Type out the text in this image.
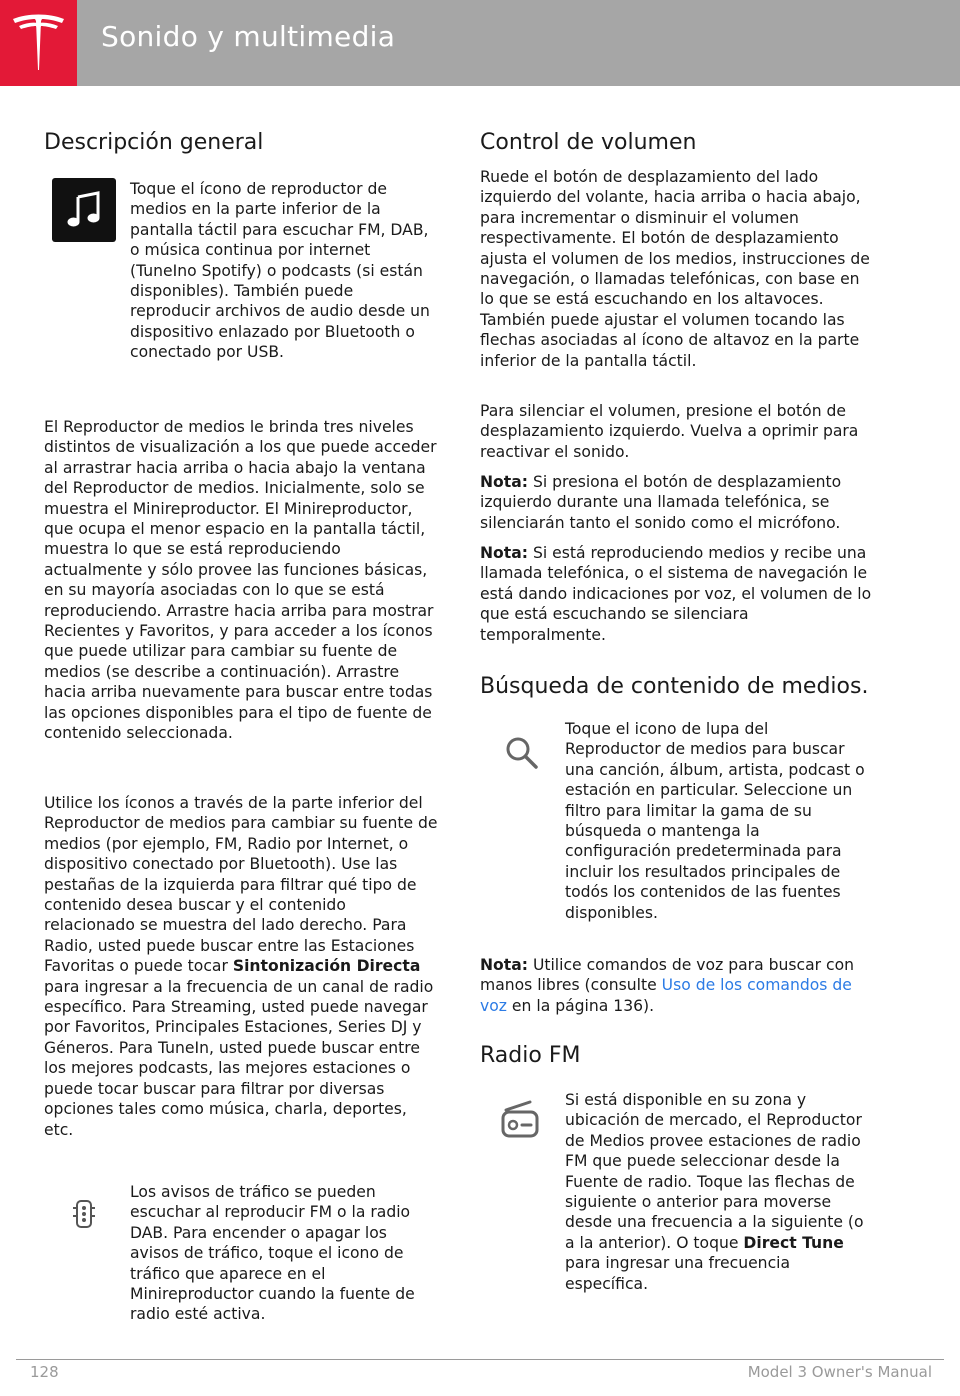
Sonido y multimedia
Descripción general

Toque el ícono de reproductor de medios en la parte inferior de la pantalla táctil para escuchar FM, DAB, o música continua por internet (TuneIno Spotify) o podcasts (si están disponibles). También puede reproducir archivos de audio desde un dispositivo enlazado por Bluetooth o conectado por USB.

El Reproductor de medios le brinda tres niveles distintos de visualización a los que puede acceder al arrastrar hacia arriba o hacia abajo la ventana del Reproductor de medios. Inicialmente, solo se muestra el Minireproductor. El Minireproductor, que ocupa el menor espacio en la pantalla táctil, muestra lo que se está reproduciendo actualmente y sólo provee las funciones básicas, en su mayoría asociadas con lo que se está reproduciendo. Arrastre hacia arriba para mostrar Recientes y Favoritos, y para acceder a los íconos que puede utilizar para cambiar su fuente de medios (se describe a continuación). Arrastre hacia arriba nuevamente para buscar entre todas las opciones disponibles para el tipo de fuente de contenido seleccionada.

Utilice los íconos a través de la parte inferior del Reproductor de medios para cambiar su fuente de medios (por ejemplo, FM, Radio por Internet, o dispositivo conectado por Bluetooth). Use las pestañas de la izquierda para filtrar qué tipo de contenido desea buscar y el contenido relacionado se muestra del lado derecho. Para Radio, usted puede buscar entre las Estaciones Favoritas o puede tocar Sintonización Directa para ingresar a la frecuencia de un canal de radio específico. Para Streaming, usted puede navegar por Favoritos, Principales Estaciones, Series DJ y Géneros. Para TuneIn, usted puede buscar entre los mejores podcasts, las mejores estaciones o puede tocar buscar para filtrar por diversas opciones tales como música, charla, deportes, etc.

Los avisos de tráfico se pueden escuchar al reproducir FM o la radio DAB. Para encender o apagar los avisos de tráfico, toque el icono de tráfico que aparece en el Minireproductor cuando la fuente de radio esté activa.

Control de volumen

Ruede el botón de desplazamiento del lado izquierdo del volante, hacia arriba o hacia abajo, para incrementar o disminuir el volumen respectivamente. El botón de desplazamiento ajusta el volumen de los medios, instrucciones de navegación, o llamadas telefónicas, con base en lo que se está escuchando en los altavoces. También puede ajustar el volumen tocando las flechas asociadas al ícono de altavoz en la parte inferior de la pantalla táctil.

Para silenciar el volumen, presione el botón de desplazamiento izquierdo. Vuelva a oprimir para reactivar el sonido.

Nota: Si presiona el botón de desplazamiento izquierdo durante una llamada telefónica, se silenciarán tanto el sonido como el micrófono.

Nota: Si está reproduciendo medios y recibe una llamada telefónica, o el sistema de navegación le está dando indicaciones por voz, el volumen de lo que está escuchando se silenciara temporalmente.

Búsqueda de contenido de medios.

Toque el icono de lupa del Reproductor de medios para buscar una canción, álbum, artista, podcast o estación en particular. Seleccione un filtro para limitar la gama de su búsqueda o mantenga la configuración predeterminada para incluir los resultados principales de todós los contenidos de las fuentes disponibles.

Nota: Utilice comandos de voz para buscar con manos libres (consulte Uso de los comandos de voz en la página 136).

Radio FM

Si está disponible en su zona y ubicación de mercado, el Reproductor de Medios provee estaciones de radio FM que puede seleccionar desde la Fuente de radio. Toque las flechas de siguiente o anterior para moverse desde una frecuencia a la siguiente (o a la anterior). O toque Direct Tune para ingresar una frecuencia específica.

128	Model 3 Owner's Manual
